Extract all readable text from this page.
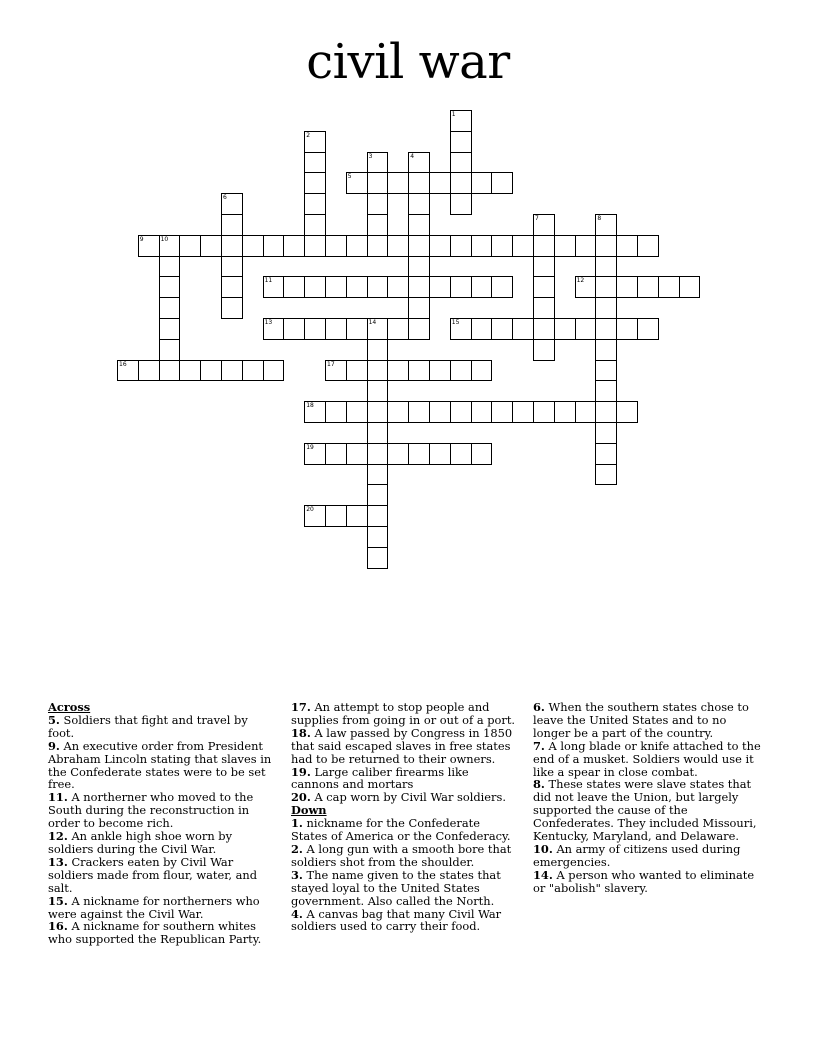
civil war
1
2
3	4
5
6
7	8
9	10
11	12
13	14	15
16	17
18
19
20
Across

5. Soldiers that fight and travel by foot.

9. An executive order from President Abraham Lincoln stating that slaves in the Confederate states were to be set free.

11. A northerner who moved to the South during the reconstruction in order to become rich.

12. An ankle high shoe worn by soldiers during the Civil War.

13. Crackers eaten by Civil War soldiers made from flour, water, and salt.

15. A nickname for northerners who were against the Civil War.

16. A nickname for southern whites who supported the Republican Party.

17. An attempt to stop people and supplies from going in or out of a port.

18. A law passed by Congress in 1850 that said escaped slaves in free states had to be returned to their owners.

19. Large caliber firearms like cannons and mortars

20. A cap worn by Civil War soldiers.

Down

1. nickname for the Confederate States of America or the Confederacy.

2. A long gun with a smooth bore that soldiers shot from the shoulder.

3. The name given to the states that stayed loyal to the United States government. Also called the North.

4. A canvas bag that many Civil War soldiers used to carry their food.

6. When the southern states chose to leave the United States and to no longer be a part of the country.

7. A long blade or knife attached to the end of a musket. Soldiers would use it like a spear in close combat.

8. These states were slave states that did not leave the Union, but largely supported the cause of the Confederates. They included Missouri, Kentucky, Maryland, and Delaware.

10. An army of citizens used during emergencies.

14. A person who wanted to eliminate or "abolish" slavery.
